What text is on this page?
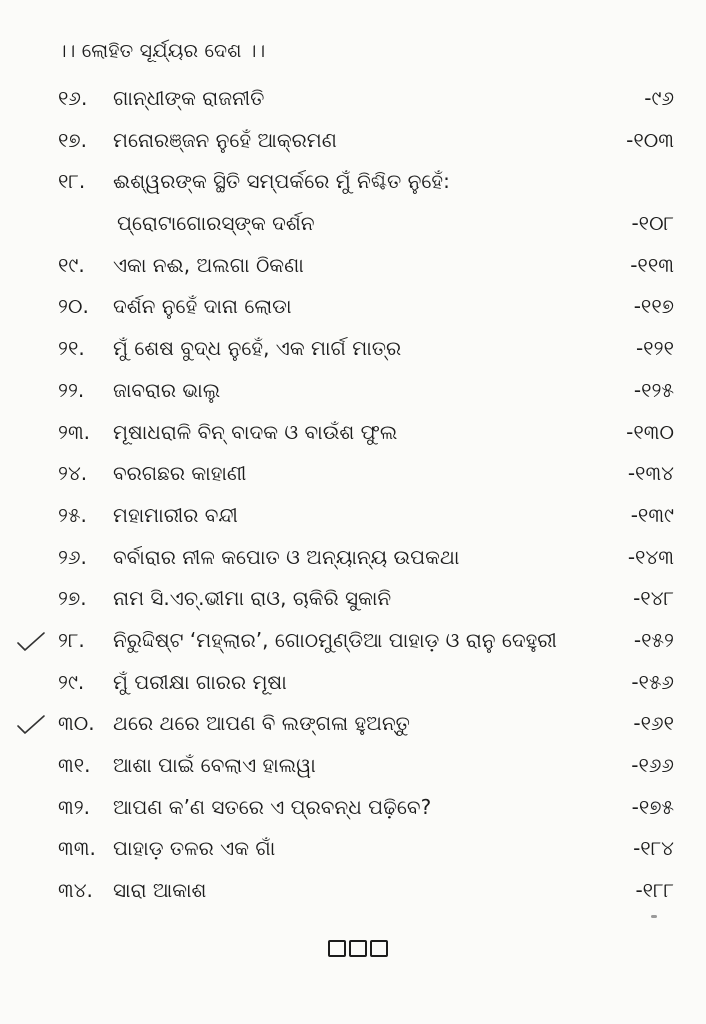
।। ଲୋହିତ ସୂର୍ଯ୍ୟର ଦେଶ ।।
୧୬. ଗାନ୍ଧୀଙ୍କ ରାଜନୀତି	-୯୬
୧୭. ମନୋରଞ୍ଜନ ନୁହେଁ ଆକ୍ରମଣ	-୧୦୩
୧୮. ଈଶ୍ୱରଙ୍କ ସ୍ଥିତି ସମ୍ପର୍କରେ ମୁଁ ନିଶ୍ଚିତ ନୁହେଁ:
ପ୍ରୋଟାଗୋରସ୍‌ଙ୍କ ଦର୍ଶନ	-୧୦୮
୧୯. ଏକା ନଈ, ଅଲଗା ଠିକଣା	-୧୧୩
୨୦. ଦର୍ଶନ ନୁହେଁ ଦାନା ଲୋଡା	-୧୧୭
୨୧. ମୁଁ ଶେଷ ବୁଦ୍ଧ ନୁହେଁ, ଏକ ମାର୍ଗ ମାତ୍ର	-୧୨୧
୨୨. ଜାବରାର ଭାଲୁ	-୧୨୫
୨୩. ମୂଷାଧରାଳି ବିନ୍ ବାଦକ ଓ ବାଉଁଶ ଫୁଲ	-୧୩୦
୨୪. ବରଗଛର କାହାଣୀ	-୧୩୪
୨୫. ମହାମାରୀର ବନ୍ଦୀ	-୧୩୯
୨୬. ବର୍ବାରାର ନୀଳ କପୋତ ଓ ଅନ୍ୟାନ୍ୟ ଉପକଥା	-୧୪୩
୨୭. ନାମ ସି.ଏଚ୍.ଭୀମା ରାଓ, ଚାକିରି ସୁକାନି	-୧୪୮
୨୮. ନିରୁଦ୍ଦିଷ୍ଟ ‘ମହ୍ଲାର’, ଗୋଠମୁଣ୍ଡିଆ ପାହାଡ଼ ଓ ରାନୁ ଦେହୁରୀ	-୧୫୨
୨୯. ମୁଁ ପରୀକ୍ଷା ଗାରର ମୂଷା	-୧୫୬
୩୦. ଥରେ ଥରେ ଆପଣ ବି ଲଙ୍ଗଳା ହୁଅନ୍ତୁ	-୧୬୧
୩୧. ଆଶା ପାଇଁ ବେଲାଏ ହାଲୱା	-୧୬୬
୩୨. ଆପଣ କ’ଣ ସତରେ ଏ ପ୍ରବନ୍ଧ ପଢ଼ିବେ?	-୧୭୫
୩୩. ପାହାଡ଼ ତଳର ଏକ ଗାଁ	-୧୮୪
୩୪. ସାରା ଆକାଶ	-୧୮୮
